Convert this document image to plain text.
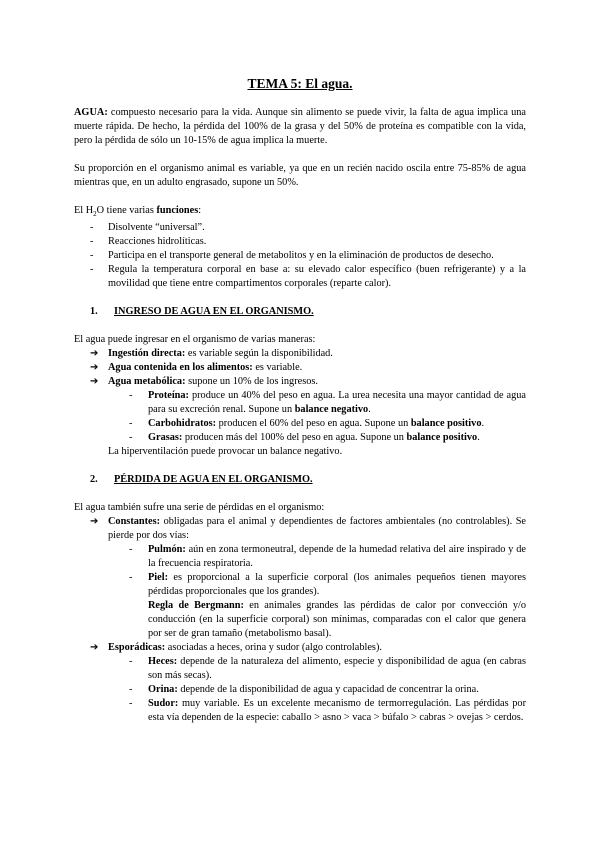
TEMA 5: El agua.

AGUA: compuesto necesario para la vida. Aunque sin alimento se puede vivir, la falta de agua implica una muerte rápida. De hecho, la pérdida del 100% de la grasa y del 50% de proteína es compatible con la vida, pero la pérdida de sólo un 10-15% de agua implica la muerte.

Su proporción en el organismo animal es variable, ya que en un recién nacido oscila entre 75-85% de agua mientras que, en un adulto engrasado, supone un 50%.

El $H_2O$ tiene varias funciones:

- Disolvente “universal”.
- Reacciones hidrolíticas.
- Participa en el transporte general de metabolitos y en la eliminación de productos de desecho.
- Regula la temperatura corporal en base a: su elevado calor específico (buen refrigerante) y a la movilidad que tiene entre compartimentos corporales (reparte calor).

1. INGRESO DE AGUA EN EL ORGANISMO.

El agua puede ingresar en el organismo de varias maneras:

➔ Ingestión directa: es variable según la disponibilidad.
➔ Agua contenida en los alimentos: es variable.
➔ Agua metabólica: supone un 10% de los ingresos.
- Proteína: produce un 40% del peso en agua. La urea necesita una mayor cantidad de agua para su excreción renal. Supone un balance negativo.
- Carbohidratos: producen el 60% del peso en agua. Supone un balance positivo.
- Grasas: producen más del 100% del peso en agua. Supone un balance positivo.

La hiperventilación puede provocar un balance negativo.

2. PÉRDIDA DE AGUA EN EL ORGANISMO.

El agua también sufre una serie de pérdidas en el organismo:

➔ Constantes: obligadas para el animal y dependientes de factores ambientales (no controlables). Se pierde por dos vías:
- Pulmón: aún en zona termoneutral, depende de la humedad relativa del aire inspirado y de la frecuencia respiratoria.
- Piel: es proporcional a la superficie corporal (los animales pequeños tienen mayores pérdidas proporcionales que los grandes).

Regla de Bergmann: en animales grandes las pérdidas de calor por convección y/o conducción (en la superficie corporal) son mínimas, comparadas con el calor que genera por ser de gran tamaño (metabolismo basal).

➔ Esporádicas: asociadas a heces, orina y sudor (algo controlables).
- Heces: depende de la naturaleza del alimento, especie y disponibilidad de agua (en cabras son más secas).
- Orina: depende de la disponibilidad de agua y capacidad de concentrar la orina.
- Sudor: muy variable. Es un excelente mecanismo de termorregulación. Las pérdidas por esta vía dependen de la especie: caballo > asno > vaca > búfalo > cabras > ovejas > cerdos.
